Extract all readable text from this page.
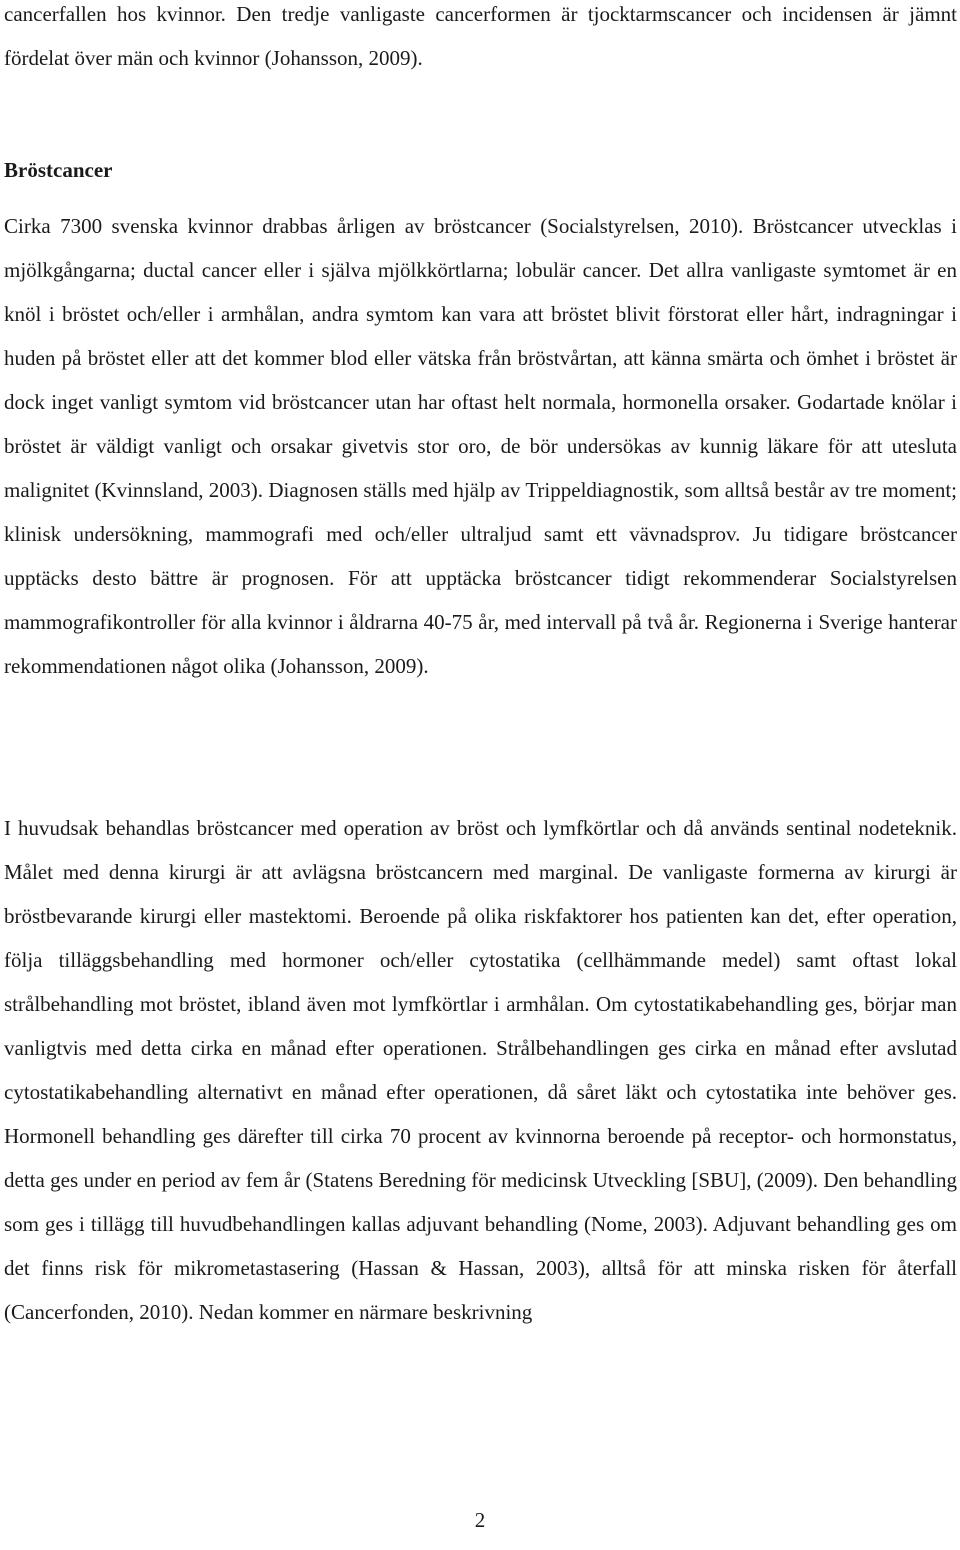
cancerfallen hos kvinnor. Den tredje vanligaste cancerformen är tjocktarmscancer och incidensen är jämnt fördelat över män och kvinnor (Johansson, 2009).

Bröstcancer

Cirka 7300 svenska kvinnor drabbas årligen av bröstcancer (Socialstyrelsen, 2010). Bröstcancer utvecklas i mjölkgångarna; ductal cancer eller i själva mjölkkörtlarna; lobulär cancer. Det allra vanligaste symtomet är en knöl i bröstet och/eller i armhålan, andra symtom kan vara att bröstet blivit förstorat eller hårt, indragningar i huden på bröstet eller att det kommer blod eller vätska från bröstvårtan, att känna smärta och ömhet i bröstet är dock inget vanligt symtom vid bröstcancer utan har oftast helt normala, hormonella orsaker. Godartade knölar i bröstet är väldigt vanligt och orsakar givetvis stor oro, de bör undersökas av kunnig läkare för att utesluta malignitet (Kvinnsland, 2003). Diagnosen ställs med hjälp av Trippeldiagnostik, som alltså består av tre moment; klinisk undersökning, mammografi med och/eller ultraljud samt ett vävnadsprov. Ju tidigare bröstcancer upptäcks desto bättre är prognosen. För att upptäcka bröstcancer tidigt rekommenderar Socialstyrelsen mammografikontroller för alla kvinnor i åldrarna 40-75 år, med intervall på två år. Regionerna i Sverige hanterar rekommendationen något olika (Johansson, 2009).

I huvudsak behandlas bröstcancer med operation av bröst och lymfkörtlar och då används sentinal nodeteknik. Målet med denna kirurgi är att avlägsna bröstcancern med marginal. De vanligaste formerna av kirurgi är bröstbevarande kirurgi eller mastektomi. Beroende på olika riskfaktorer hos patienten kan det, efter operation, följa tilläggsbehandling med hormoner och/eller cytostatika (cellhämmande medel) samt oftast lokal strålbehandling mot bröstet, ibland även mot lymfkörtlar i armhålan. Om cytostatikabehandling ges, börjar man vanligtvis med detta cirka en månad efter operationen. Strålbehandlingen ges cirka en månad efter avslutad cytostatikabehandling alternativt en månad efter operationen, då såret läkt och cytostatika inte behöver ges. Hormonell behandling ges därefter till cirka 70 procent av kvinnorna beroende på receptor- och hormonstatus, detta ges under en period av fem år (Statens Beredning för medicinsk Utveckling [SBU], (2009). Den behandling som ges i tillägg till huvudbehandlingen kallas adjuvant behandling (Nome, 2003). Adjuvant behandling ges om det finns risk för mikrometastasering (Hassan & Hassan, 2003), alltså för att minska risken för återfall (Cancerfonden, 2010). Nedan kommer en närmare beskrivning

2
